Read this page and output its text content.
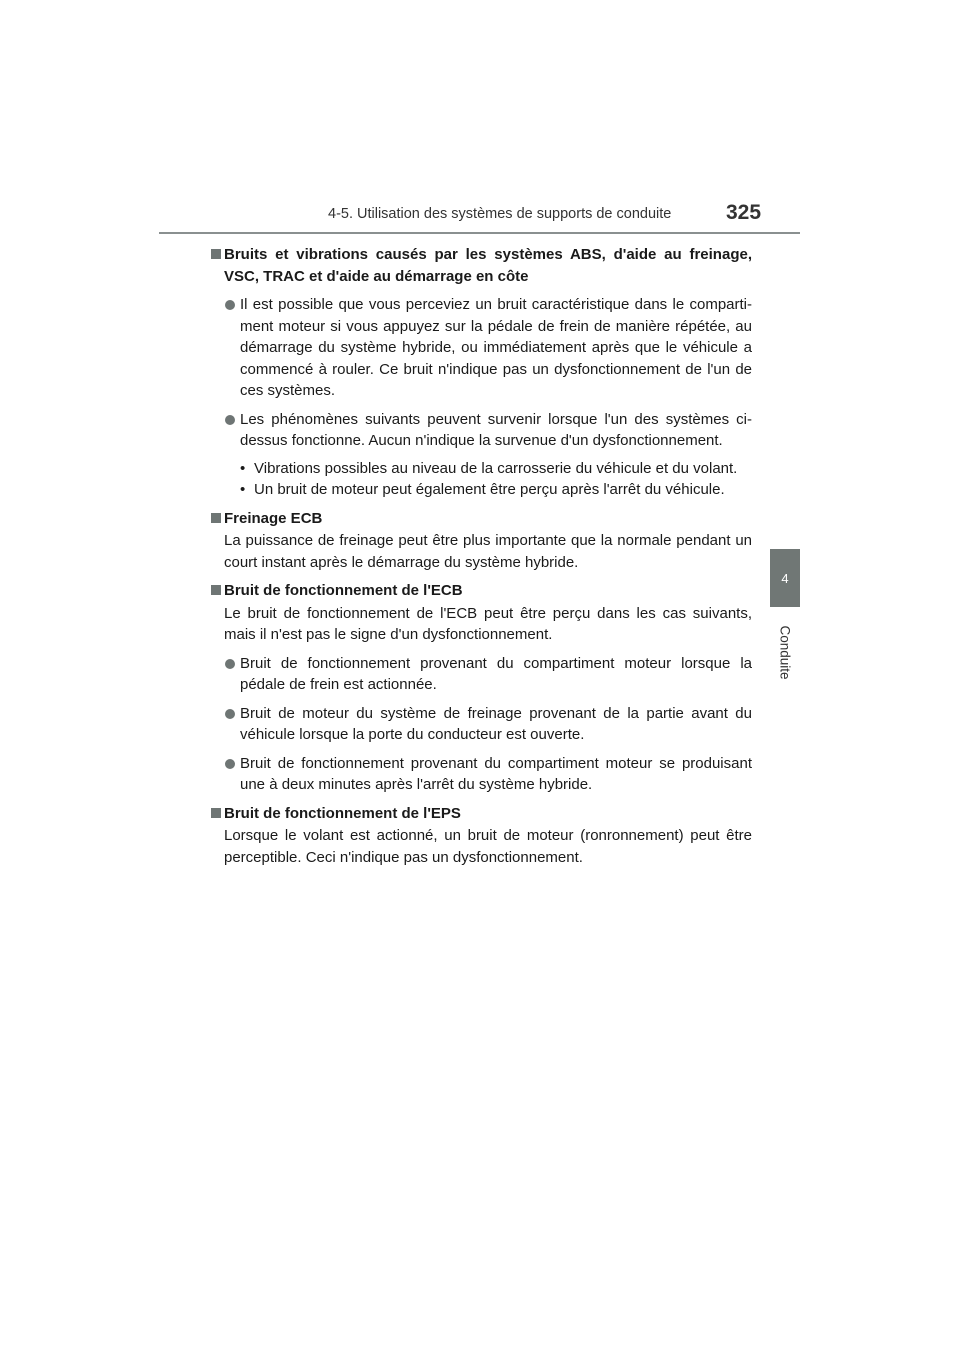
4-5. Utilisation des systèmes de supports de conduite	325
4
Conduite
Bruits et vibrations causés par les systèmes ABS, d'aide au freinage, VSC, TRAC et d'aide au démarrage en côte
Il est possible que vous perceviez un bruit caractéristique dans le comparti-ment moteur si vous appuyez sur la pédale de frein de manière répétée, au démarrage du système hybride, ou immédiatement après que le véhicule a commencé à rouler. Ce bruit n'indique pas un dysfonctionnement de l'un de ces systèmes.
Les phénomènes suivants peuvent survenir lorsque l'un des systèmes ci-dessus fonctionne. Aucun n'indique la survenue d'un dysfonctionnement.
• Vibrations possibles au niveau de la carrosserie du véhicule et du volant.
• Un bruit de moteur peut également être perçu après l'arrêt du véhicule.
Freinage ECB
La puissance de freinage peut être plus importante que la normale pendant un court instant après le démarrage du système hybride.
Bruit de fonctionnement de l'ECB
Le bruit de fonctionnement de l'ECB peut être perçu dans les cas suivants, mais il n'est pas le signe d'un dysfonctionnement.
Bruit de fonctionnement provenant du compartiment moteur lorsque la pédale de frein est actionnée.
Bruit de moteur du système de freinage provenant de la partie avant du véhicule lorsque la porte du conducteur est ouverte.
Bruit de fonctionnement provenant du compartiment moteur se produisant une à deux minutes après l'arrêt du système hybride.
Bruit de fonctionnement de l'EPS
Lorsque le volant est actionné, un bruit de moteur (ronronnement) peut être perceptible. Ceci n'indique pas un dysfonctionnement.
